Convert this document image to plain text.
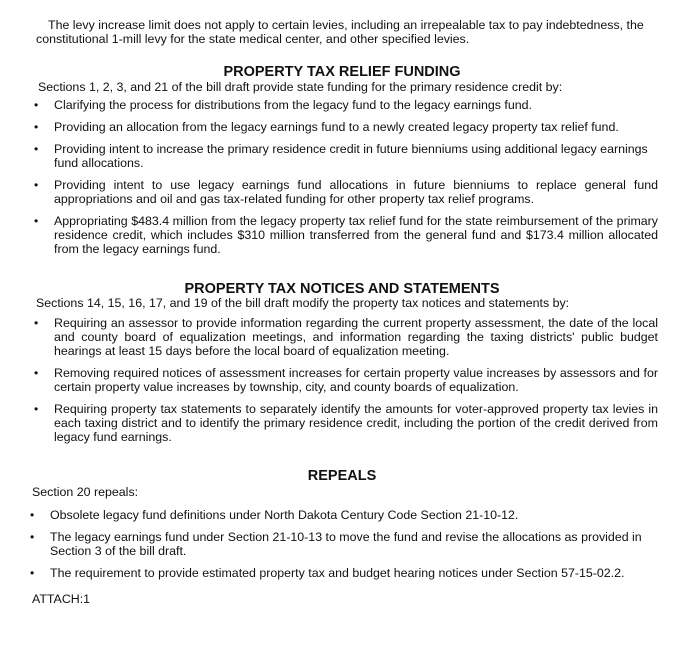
The levy increase limit does not apply to certain levies, including an irrepealable tax to pay indebtedness, the constitutional 1-mill levy for the state medical center, and other specified levies.
PROPERTY TAX RELIEF FUNDING
Sections 1, 2, 3, and 21 of the bill draft provide state funding for the primary residence credit by:
• Clarifying the process for distributions from the legacy fund to the legacy earnings fund.
• Providing an allocation from the legacy earnings fund to a newly created legacy property tax relief fund.
• Providing intent to increase the primary residence credit in future bienniums using additional legacy earnings fund allocations.
• Providing intent to use legacy earnings fund allocations in future bienniums to replace general fund appropriations and oil and gas tax-related funding for other property tax relief programs.
• Appropriating $483.4 million from the legacy property tax relief fund for the state reimbursement of the primary residence credit, which includes $310 million transferred from the general fund and $173.4 million allocated from the legacy earnings fund.
PROPERTY TAX NOTICES AND STATEMENTS
Sections 14, 15, 16, 17, and 19 of the bill draft modify the property tax notices and statements by:
• Requiring an assessor to provide information regarding the current property assessment, the date of the local and county board of equalization meetings, and information regarding the taxing districts' public budget hearings at least 15 days before the local board of equalization meeting.
• Removing required notices of assessment increases for certain property value increases by assessors and for certain property value increases by township, city, and county boards of equalization.
• Requiring property tax statements to separately identify the amounts for voter-approved property tax levies in each taxing district and to identify the primary residence credit, including the portion of the credit derived from legacy fund earnings.
REPEALS
Section 20 repeals:
• Obsolete legacy fund definitions under North Dakota Century Code Section 21-10-12.
• The legacy earnings fund under Section 21-10-13 to move the fund and revise the allocations as provided in Section 3 of the bill draft.
• The requirement to provide estimated property tax and budget hearing notices under Section 57-15-02.2.
ATTACH:1
